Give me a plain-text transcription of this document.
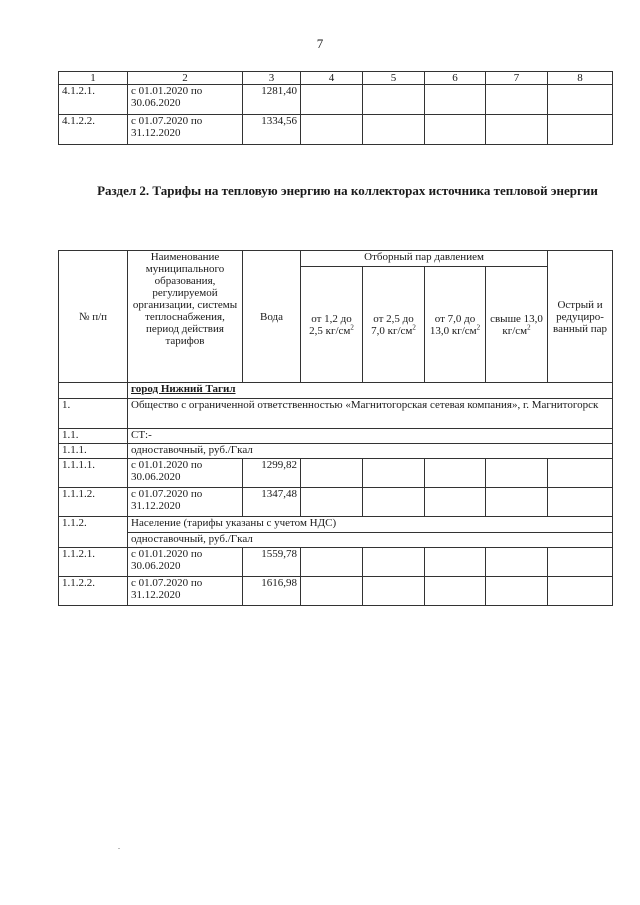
7
1	2	3	4	5	6	7	8
4.1.2.1.	с 01.01.2020 по 30.06.2020	1281,40					
4.1.2.2.	с 01.07.2020 по 31.12.2020	1334,56					
Раздел 2. Тарифы на тепловую энергию на коллекторах источника тепловой энергии
№ п/п	Наименование муниципального образования, регулируемой организации, системы теплоснабжения, период действия тарифов	Вода	Отборный пар давлением				Острый и редуциро-ванный пар
			от 1,2 до 2,5 $кг/см^2$	от 2,5 до 7,0 $кг/см^2$	от 7,0 до 13,0 $кг/см^2$	свыше 13,0 $кг/см^2$
	город Нижний Тагил						
1.	Общество с ограниченной ответственностью «Магнитогорская сетевая компания», г. Магнитогорск						
1.1.	СТ:-						
1.1.1.	одноставочный, руб./Гкал						
1.1.1.1.	с 01.01.2020 по 30.06.2020	1299,82					
1.1.1.2.	с 01.07.2020 по 31.12.2020	1347,48					
1.1.2.	Население (тарифы указаны с учетом НДС)						
	одноставочный, руб./Гкал						
1.1.2.1.	с 01.01.2020 по 30.06.2020	1559,78					
1.1.2.2.	с 01.07.2020 по 31.12.2020	1616,98					
